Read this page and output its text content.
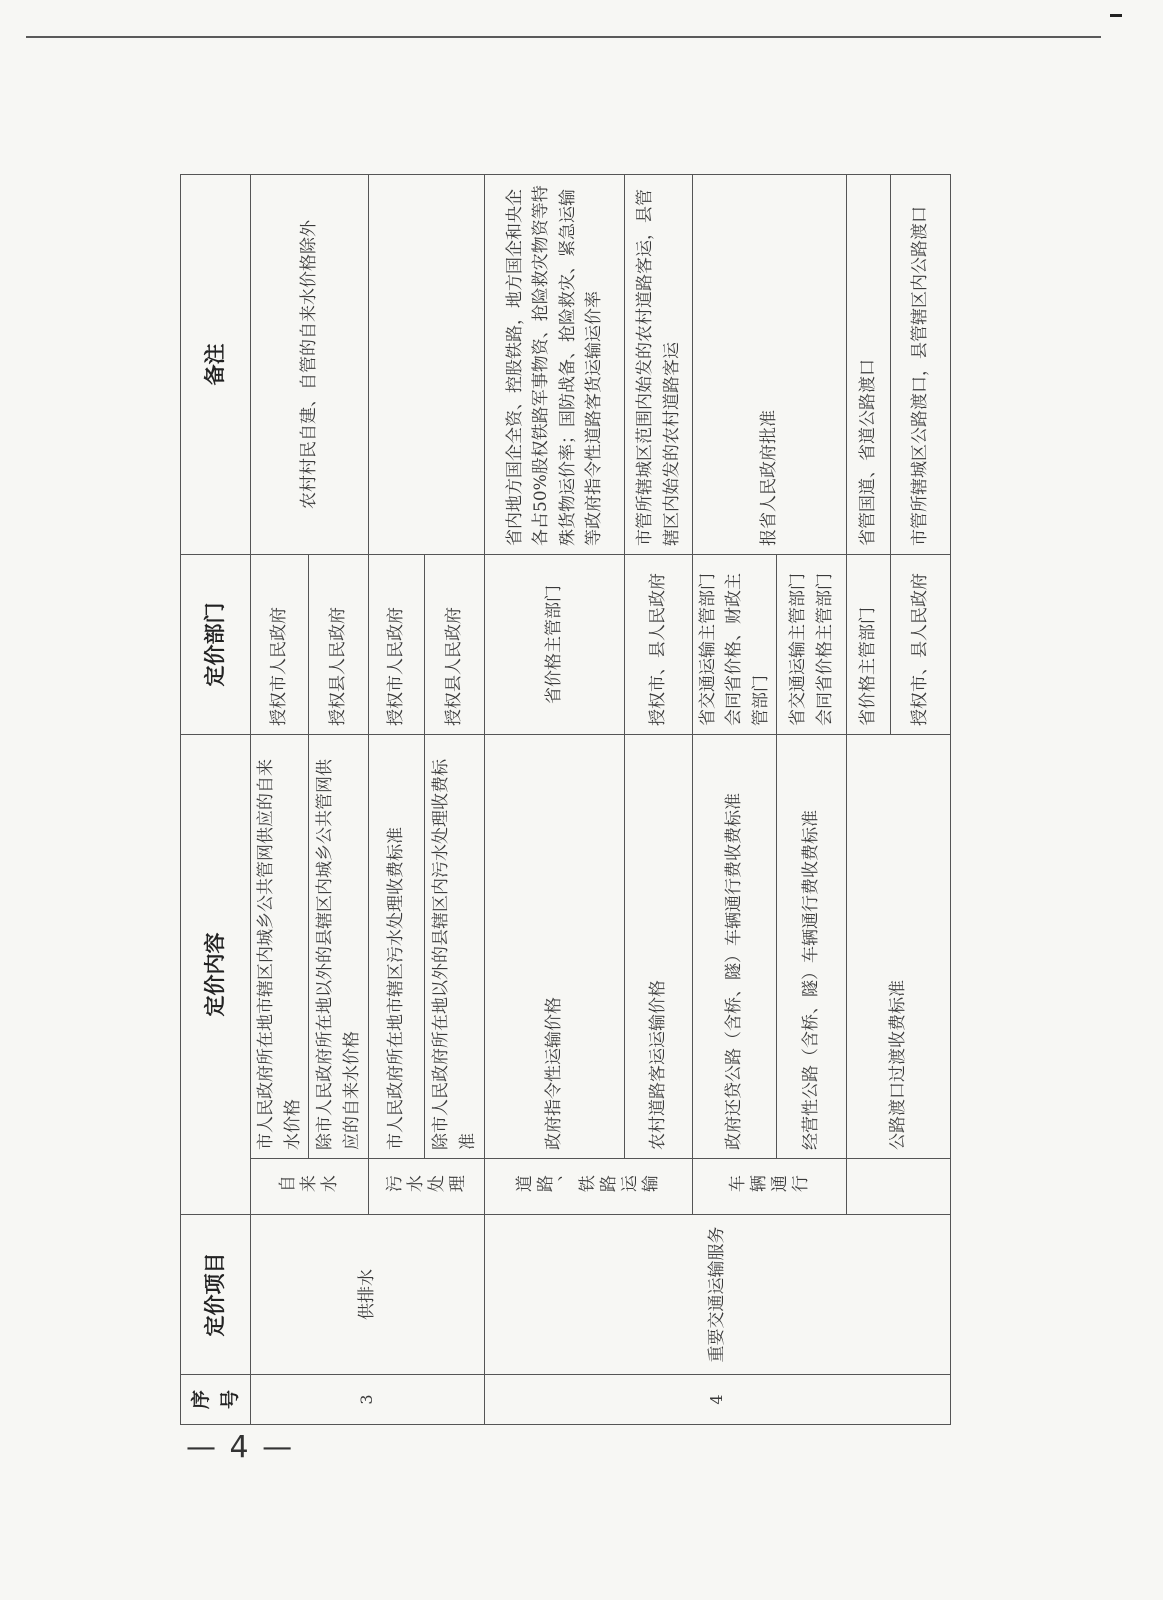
序 号	定价项目	定价内容		定价部门	备注
3	供排水	自来水	市人民政府所在地市辖区内城乡公共管网供应的自来水价格	授权市人民政府	农村村民自建、自管的自来水价格除外
			除市人民政府所在地以外的县辖区内城乡公共管网供应的自来水价格	授权县人民政府	

		污水处理	市人民政府所在地市辖区污水处理收费标准	授权市人民政府	
			除市人民政府所在地以外的县辖区内污水处理收费标准	授权县人民政府	
4	重要交通运输服务	道路、铁路运输	政府指令性运输价格	省价格主管部门	省内地方国企全资、控股铁路，地方国企和央企各占50%股权铁路军事物资、抢险救灾物资等特殊货物运价率；国防战备、抢险救灾、紧急运输等政府指令性道路客货运输运价率
			农村道路客运运输价格	授权市、县人民政府	市管所辖城区范围内始发的农村道路客运，县管辖区内始发的农村道路客运

		车辆通行	政府还贷公路（含桥、隧）车辆通行费收费标准	省交通运输主管部门会同省价格、财政主管部门	报省人民政府批准
			经营性公路（含桥、隧）车辆通行费收费标准	省交通运输主管部门会同省价格主管部门	
			公路渡口过渡收费标准	省价格主管部门	省管国道、省道公路渡口
				授权市、县人民政府	市管所辖城区公路渡口，县管辖区内公路渡口
— 4 —
